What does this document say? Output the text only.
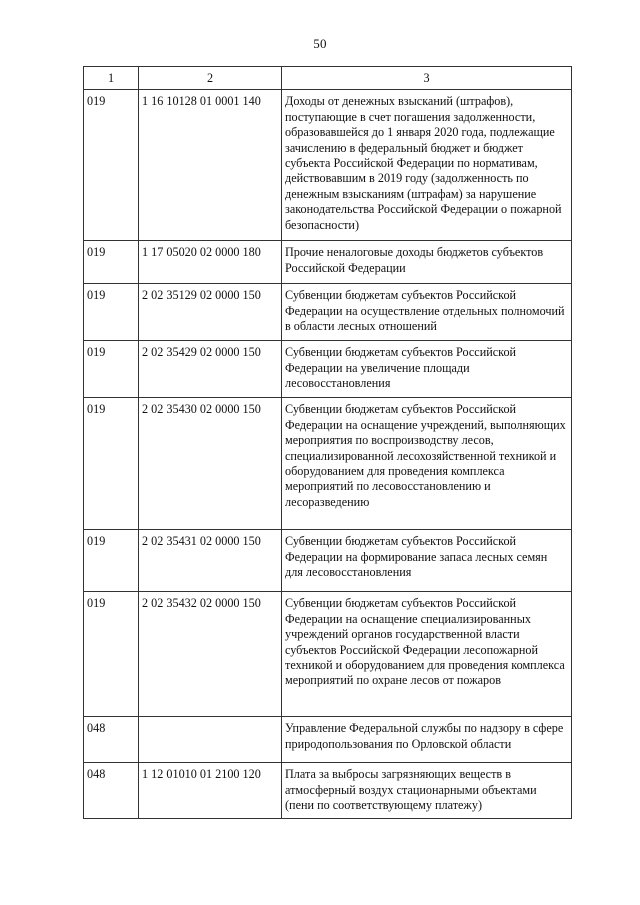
50
1	2	3
019	1 16 10128 01 0001 140	Доходы от денежных взысканий (штрафов), поступающие в счет погашения задолженности, образовавшейся до 1 января 2020 года, подлежащие зачислению в федеральный бюджет и бюджет субъекта Российской Федерации по нормативам, действовавшим в 2019 году (задолженность по денежным взысканиям (штрафам) за нарушение законодательства Российской Федерации о пожарной безопасности)
019	1 17 05020 02 0000 180	Прочие неналоговые доходы бюджетов субъектов Российской Федерации
019	2 02 35129 02 0000 150	Субвенции бюджетам субъектов Российской Федерации на осуществление отдельных полномочий в области лесных отношений
019	2 02 35429 02 0000 150	Субвенции бюджетам субъектов Российской Федерации на увеличение площади лесовосстановления
019	2 02 35430 02 0000 150	Субвенции бюджетам субъектов Российской Федерации на оснащение учреждений, выполняющих мероприятия по воспроизводству лесов, специализированной лесохозяйственной техникой и оборудованием для проведения комплекса мероприятий по лесовосстановлению и лесоразведению
019	2 02 35431 02 0000 150	Субвенции бюджетам субъектов Российской Федерации на формирование запаса лесных семян для лесовосстановления
019	2 02 35432 02 0000 150	Субвенции бюджетам субъектов Российской Федерации на оснащение специализированных учреждений органов государственной власти субъектов Российской Федерации лесопожарной техникой и оборудованием для проведения комплекса мероприятий по охране лесов от пожаров
048		Управление Федеральной службы по надзору в сфере природопользования по Орловской области
048	1 12 01010 01 2100 120	Плата за выбросы загрязняющих веществ в атмосферный воздух стационарными объектами (пени по соответствующему платежу)
